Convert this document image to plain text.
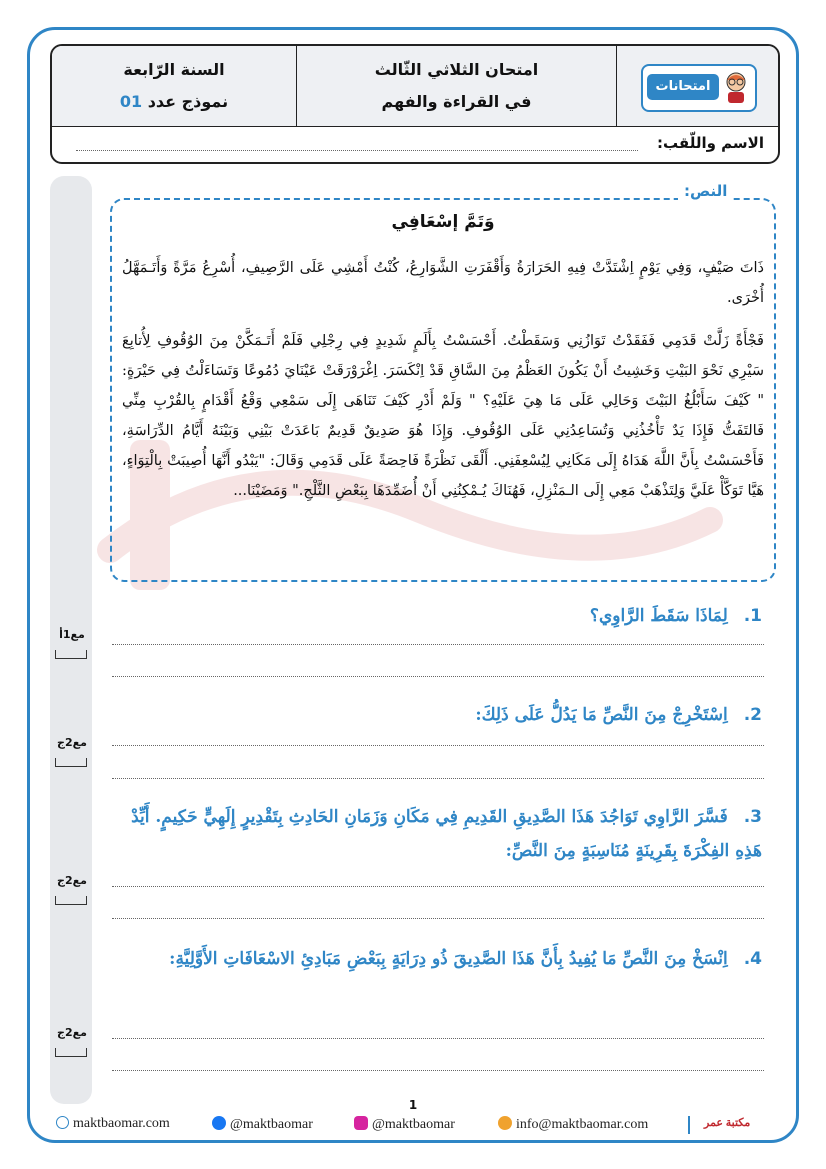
السنة الرّابعة
نموذج عدد 01
امتحان الثلاثي الثّالث
في القراءة والفهم
امتحانات
الاسم واللّقب:
مع1أ
مع2ج
مع2ج
مع2ج
النص:
وَتَمَّ إسْعَافِي
ذَاتَ صَيْفٍ، وَفِي يَوْمٍ اِشْتَدَّتْ فِيهِ الحَرَارَةُ وَأَقْفَرَتِ الشَّوَارِعُ، كُنْتُ أَمْشِي عَلَى الرَّصِيفِ، أُسْرِعُ مَرَّةً وَأَتَـمَهَّلُ أُخْرَى.
فَجْأَةً زَلَّتْ قَدَمِي فَفَقَدْتُ تَوَازُنِي وَسَقَطْتُ. أَحْسَسْتُ بِأَلَمٍ شَدِيدٍ فِي رِجْلِي فَلَمْ أَتَـمَكَّنْ مِنَ الوُقُوفِ لِأُتابِعَ سَيْرِي نَحْوَ البَيْتِ وَخَشِيتُ أَنْ يَكُونَ العَظْمُ مِنَ السَّاقِ قَدْ اِنْكَسَرَ. اِغْرَوْرَقَتْ عَيْنَايَ دُمُوعًا وَتَسَاءَلْتُ فِي حَيْرَةٍ: " كَيْفَ سَأَبْلُغُ البَيْتَ وَحَالِي عَلَى مَا هِيَ عَلَيْهِ؟ " وَلَمْ أَدْرِ كَيْفَ تَنَاهَى إِلَى سَمْعِي وَقْعُ أَقْدَامٍ بِالقُرْبِ مِنِّي فَالتَفَتُّ فَإِذَا يَدٌ تَأْخُذُنِي وَتُسَاعِدُنِي عَلَى الوُقُوفِ. وَإِذَا هُوَ صَدِيقٌ قَدِيمٌ بَاعَدَتْ بَيْنِي وَبَيْنَهُ أَيَّامُ الدِّرَاسَةِ، فَأَحْسَسْتُ بِأَنَّ اللَّهَ هَدَاهُ إِلَى مَكَانِي لِيُسْعِفَنِي. أَلْقَى نَظْرَةً فَاحِصَةً عَلَى قَدَمِي وَقَالَ: "يَبْدُو أَنَّهَا أُصِيبَتْ بِالْتِوَاءٍ، هَيَّا تَوَكَّأْ عَلَيَّ وَلِتَذْهَبْ مَعِي إِلَى الـمَنْزِلِ، فَهُنَاكَ يُـمْكِنُنِي أَنْ أُضَمِّدَهَا بِبَعْضِ الثَّلْجِ." وَمَضَيْنَا...
1. لِمَاذَا سَقَطَ الرَّاوِي؟
2. اِسْتَخْرِجْ مِنَ النَّصِّ مَا يَدُلُّ عَلَى ذَلِكَ:
3. فَسَّرَ الرَّاوِي تَوَاجُدَ هَذَا الصَّدِيقِ القَدِيمِ فِي مَكَانِ وَزَمَانِ الحَادِثِ بِتَقْدِيرٍ إِلَهِيٍّ حَكِيمٍ. أَيِّدْ هَذِهِ الفِكْرَةَ بِقَرِينَةٍ مُنَاسِبَةٍ مِنَ النَّصِّ:
4. اِنْسَخْ مِنَ النَّصِّ مَا يُفِيدُ بِأَنَّ هَذَا الصَّدِيقَ ذُو دِرَايَةٍ بِبَعْضِ مَبَادِئِ الاسْعَافَاتِ الأَوَّلِيَّةِ:
1
maktbaomar.com	@maktbaomar	@maktbaomar	info@maktbaomar.com	مكتبة عمر
